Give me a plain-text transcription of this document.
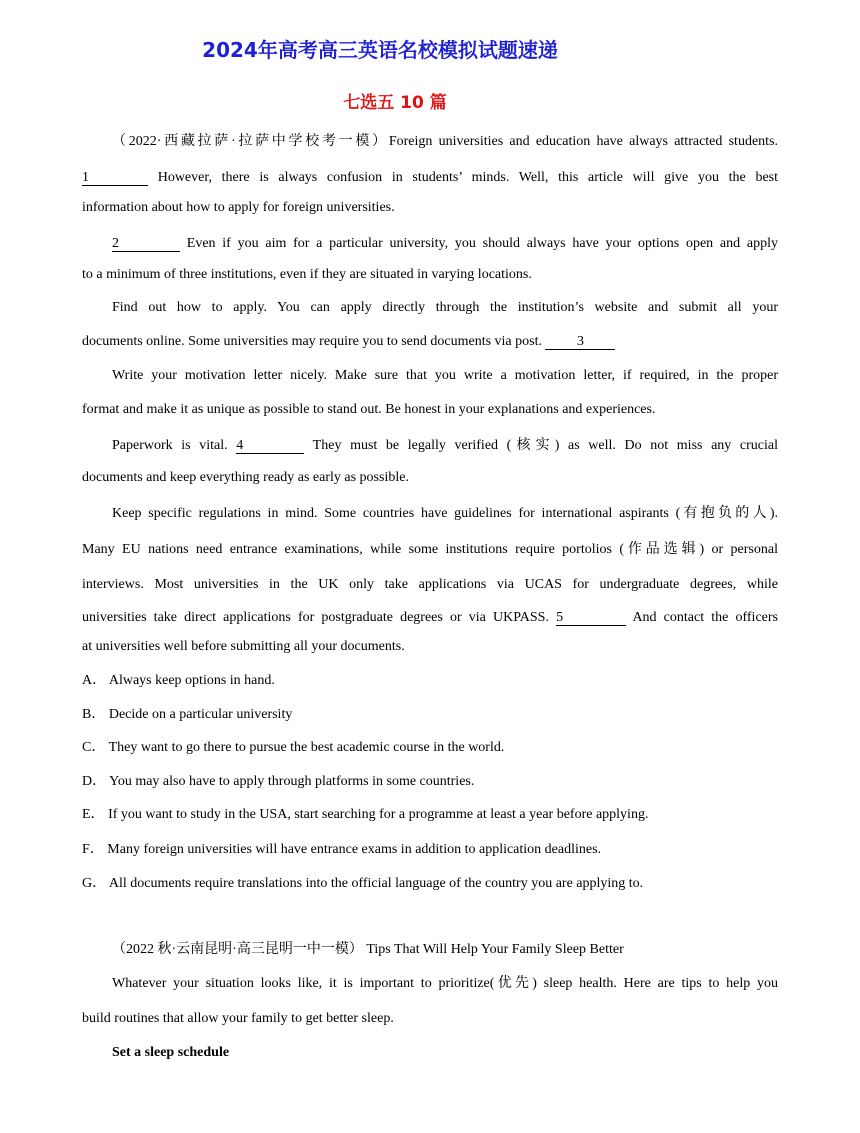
2024年高考高三英语名校模拟试题速递
七选五 10 篇
（2022·西藏拉萨·拉萨中学校考一模）Foreign universities and education have always attracted students.
1	However, there is always confusion in students’ minds. Well, this article will give you the best
information about how to apply for foreign universities.
2	Even if you aim for a particular university, you should always have your options open and apply
to a minimum of three institutions, even if they are situated in varying locations.
Find out how to apply. You can apply directly through the institution’s website and submit all your
documents online. Some universities may require you to send documents via post.	3
Write your motivation letter nicely. Make sure that you write a motivation letter, if required, in the proper
format and make it as unique as possible to stand out. Be honest in your explanations and experiences.
Paperwork is vital. 4	They must be legally verified (核实) as well. Do not miss any crucial
documents and keep everything ready as early as possible.
Keep specific regulations in mind. Some countries have guidelines for international aspirants (有抱负的人).
Many EU nations need entrance examinations, while some institutions require portolios (作品选辑) or personal
interviews. Most universities in the UK only take applications via UCAS for undergraduate degrees, while
universities take direct applications for postgraduate degrees or via UKPASS. 5	And contact the officers
at universities well before submitting all your documents.
A． Always keep options in hand.
B． Decide on a particular university
C． They want to go there to pursue the best academic course in the world.
D． You may also have to apply through platforms in some countries.
E． If you want to study in the USA, start searching for a programme at least a year before applying.
F． Many foreign universities will have entrance exams in addition to application deadlines.
G． All documents require translations into the official language of the country you are applying to.
（2022 秋·云南昆明·高三昆明一中一模） Tips That Will Help Your Family Sleep Better
Whatever your situation looks like, it is important to prioritize(优先) sleep health. Here are tips to help you
build routines that allow your family to get better sleep.
Set a sleep schedule
